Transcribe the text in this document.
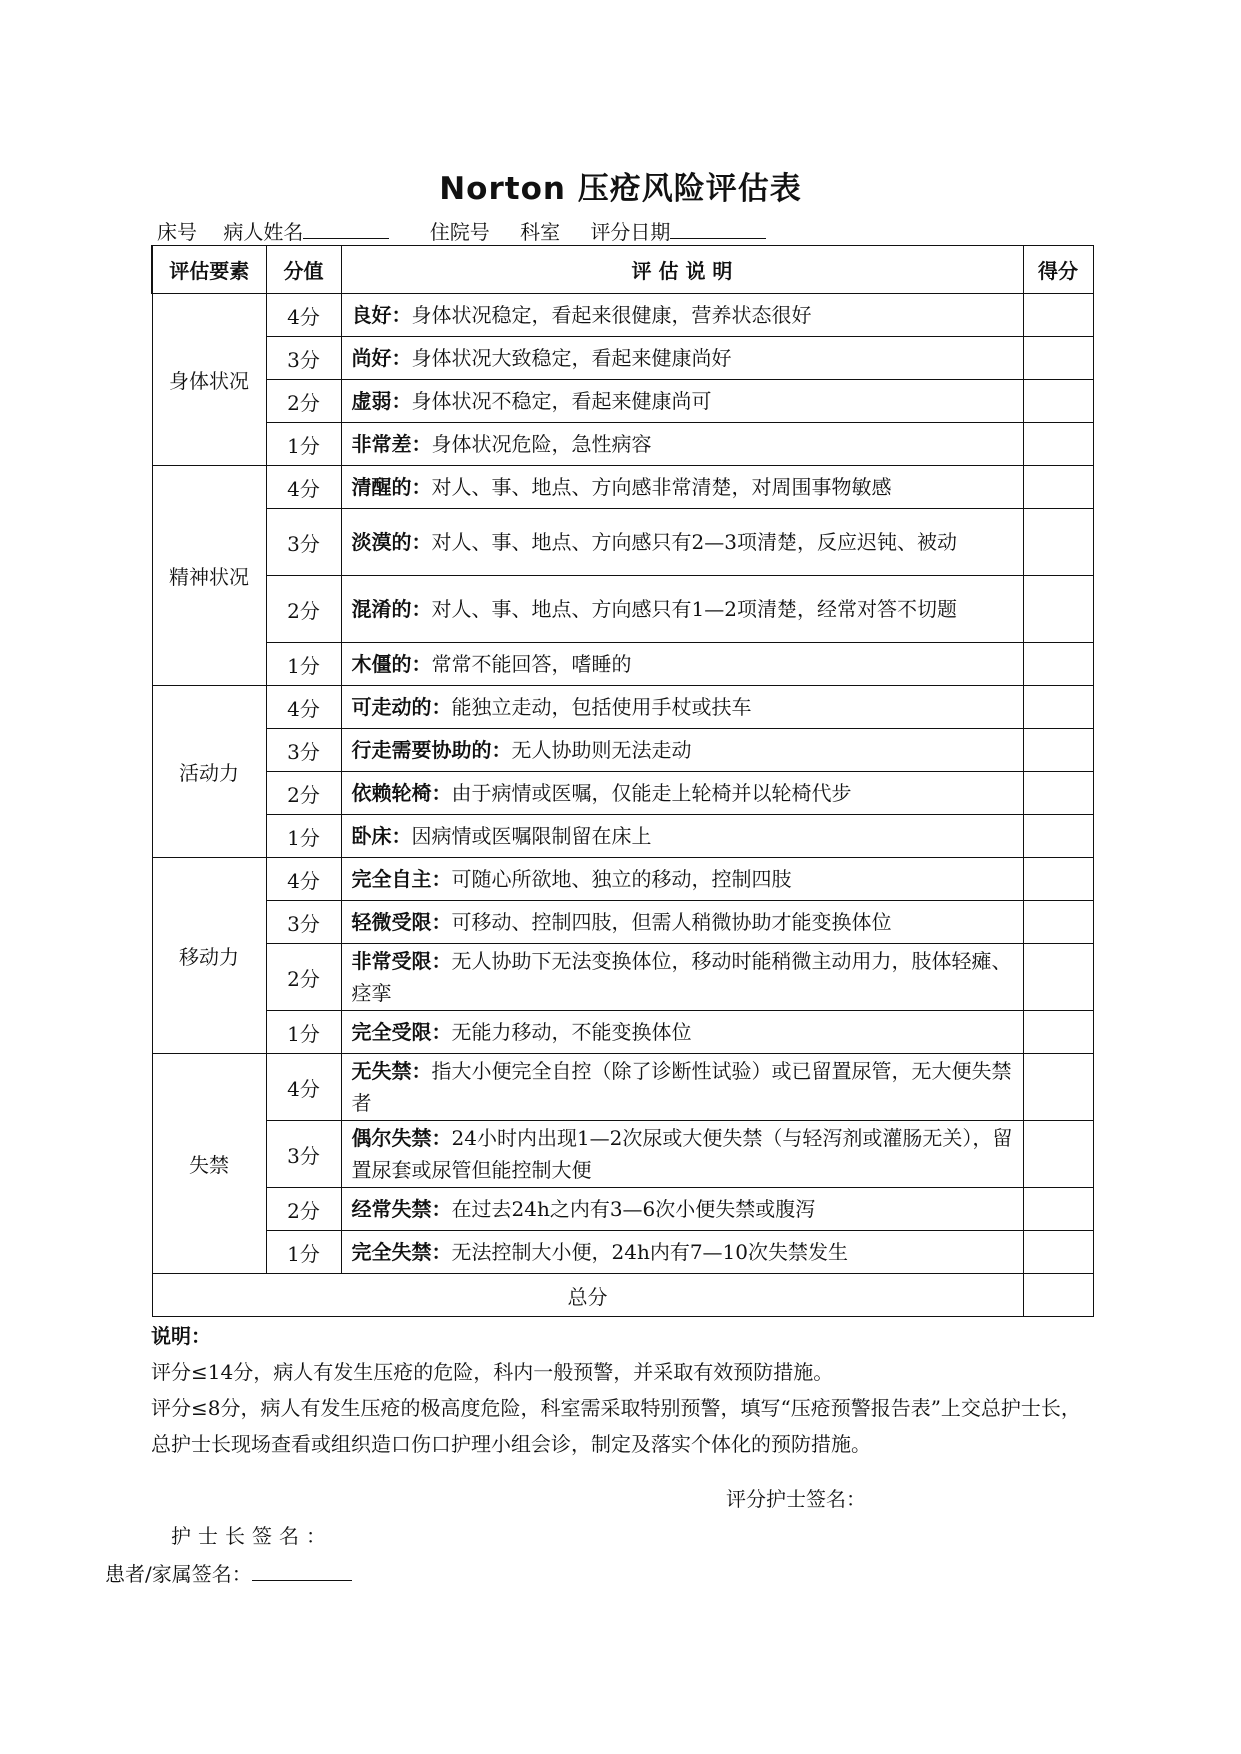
Norton 压疮风险评估表
床号 病人姓名	住院号 科室 评分日期
评估要素	分值	评 估 说 明	得分
身体状况	4分	良好：身体状况稳定，看起来很健康，营养状态很好	
	3分	尚好：身体状况大致稳定，看起来健康尚好	
	2分	虚弱：身体状况不稳定，看起来健康尚可	
	1分	非常差：身体状况危险，急性病容	
精神状况	4分	清醒的：对人、事、地点、方向感非常清楚，对周围事物敏感	
	3分	淡漠的：对人、事、地点、方向感只有2—3项清楚，反应迟钝、被动	
	2分	混淆的：对人、事、地点、方向感只有1—2项清楚，经常对答不切题	
	1分	木僵的：常常不能回答，嗜睡的	
活动力	4分	可走动的：能独立走动，包括使用手杖或扶车	
	3分	行走需要协助的：无人协助则无法走动	
	2分	依赖轮椅：由于病情或医嘱，仅能走上轮椅并以轮椅代步	
	1分	卧床：因病情或医嘱限制留在床上	
移动力	4分	完全自主：可随心所欲地、独立的移动，控制四肢	
	3分	轻微受限：可移动、控制四肢，但需人稍微协助才能变换体位	
	2分	非常受限：无人协助下无法变换体位，移动时能稍微主动用力，肢体轻瘫、痉挛	
	1分	完全受限：无能力移动，不能变换体位	
失禁	4分	无失禁：指大小便完全自控（除了诊断性试验）或已留置尿管，无大便失禁者	
	3分	偶尔失禁：24小时内出现1—2次尿或大便失禁（与轻泻剂或灌肠无关），留置尿套或尿管但能控制大便	
	2分	经常失禁：在过去24h之内有3—6次小便失禁或腹泻	
	1分	完全失禁：无法控制大小便，24h内有7—10次失禁发生	
总分			
说明：
评分≤14分，病人有发生压疮的危险，科内一般预警，并采取有效预防措施。
评分≤8分，病人有发生压疮的极高度危险，科室需采取特别预警，填写“压疮预警报告表”上交总护士长，总护士长现场查看或组织造口伤口护理小组会诊，制定及落实个体化的预防措施。
评分护士签名：
护士长签名：
患者/家属签名：
